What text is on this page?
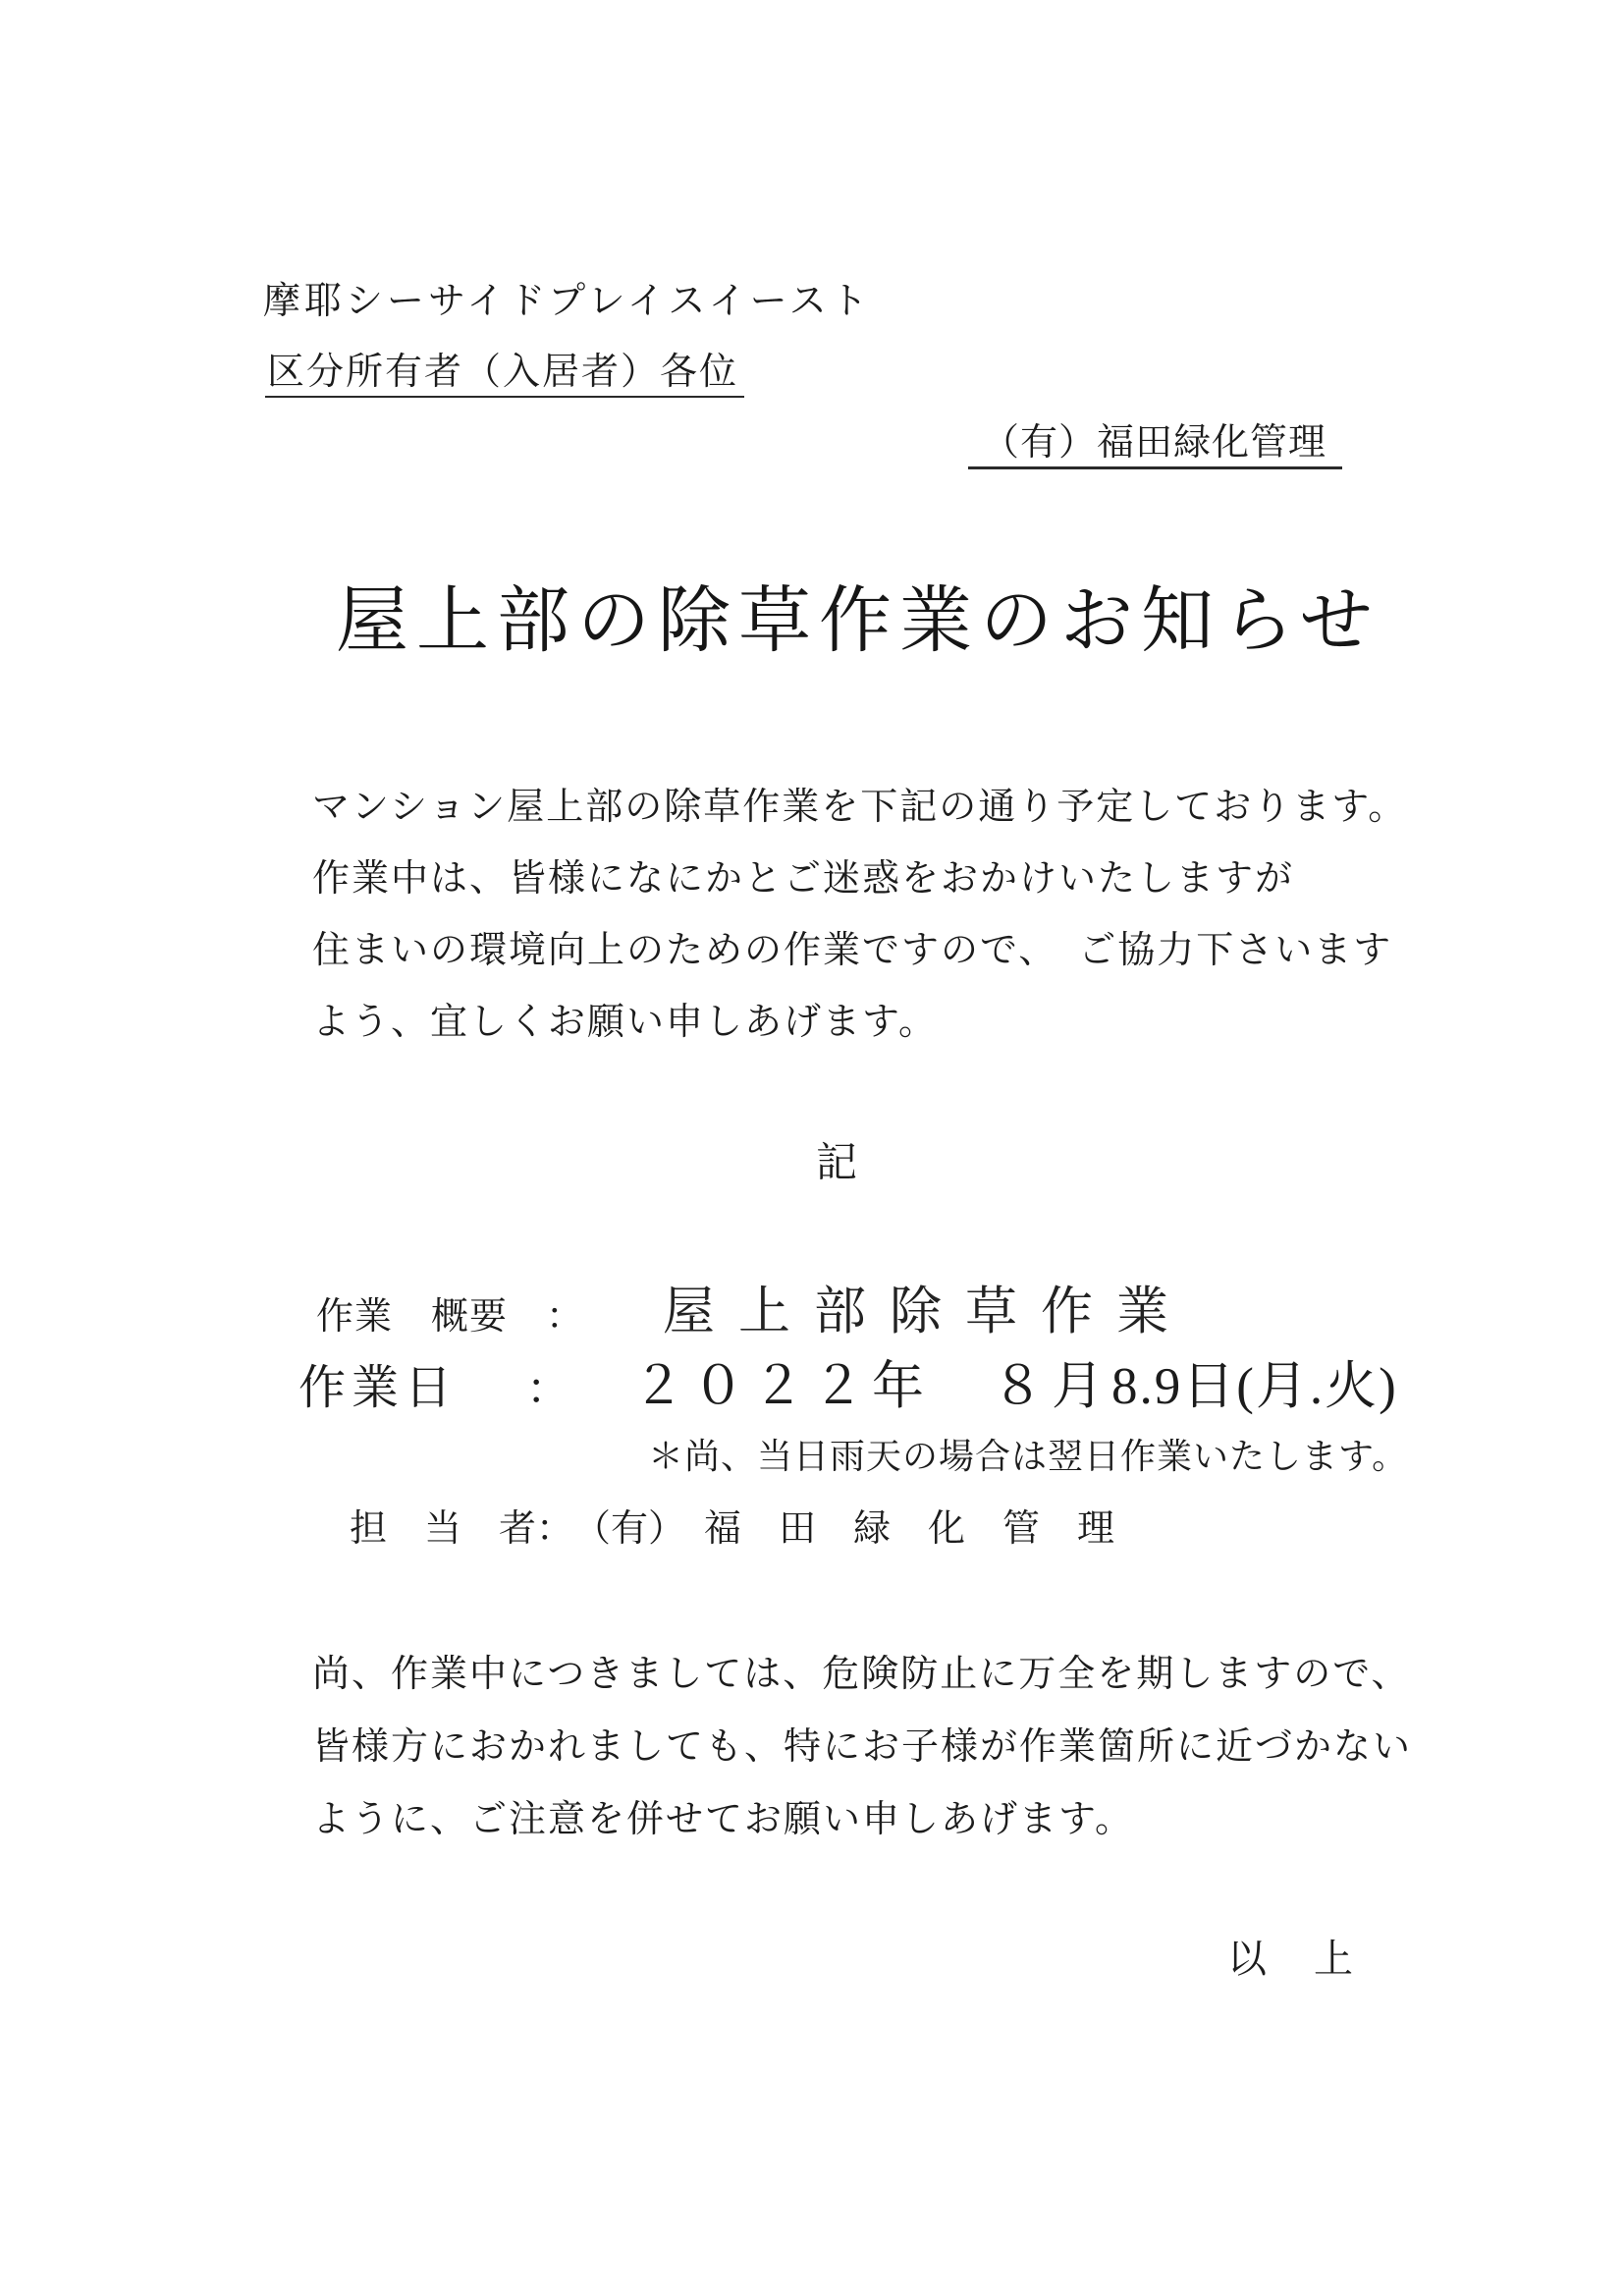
摩耶シーサイドプレイスイースト
区分所有者（入居者）各位
（有）福田緑化管理
屋上部の除草作業のお知らせ
マンション屋上部の除草作業を下記の通り予定しております。
作業中は、皆様になにかとご迷惑をおかけいたしますが
住まいの環境向上のための作業ですので、　ご協力下さいます
よう、宜しくお願い申しあげます。
記
作業　概要　： 屋上部除草作業
作業日 ： ２０２２年　８月8.9日(月.火)
＊尚、当日雨天の場合は翌日作業いたします。
担　当　者：　（有）　福　田　緑　化　管　理
尚、作業中につきましては、危険防止に万全を期しますので、
皆様方におかれましても、特にお子様が作業箇所に近づかない
ように、ご注意を併せてお願い申しあげます。
以　上
